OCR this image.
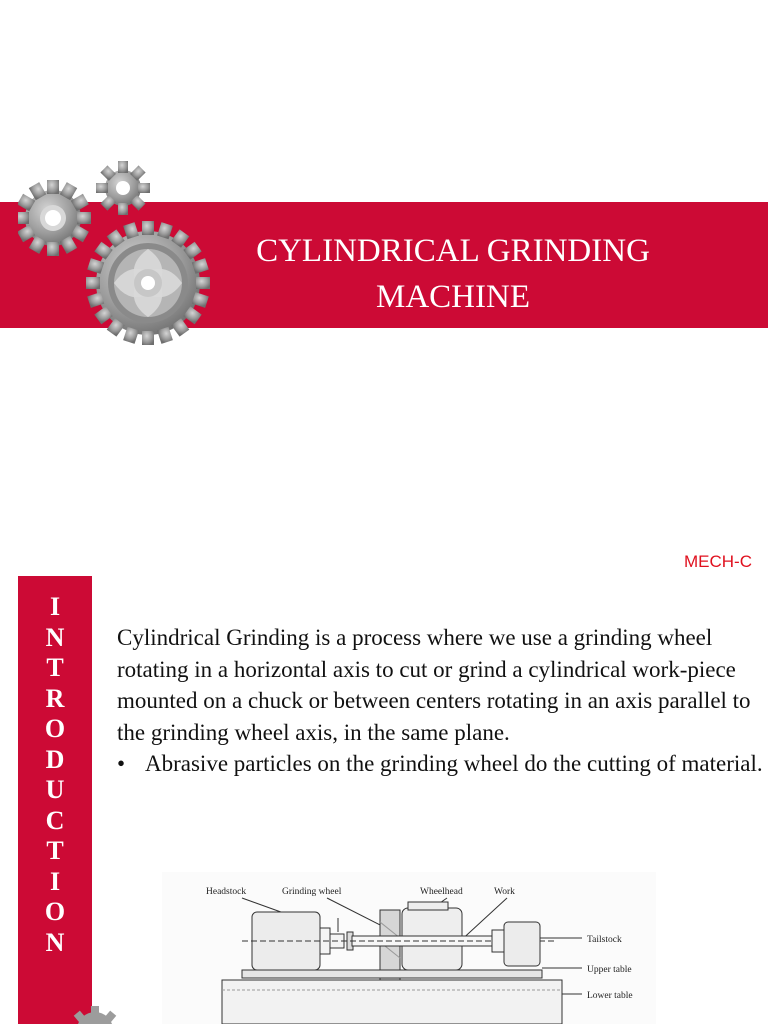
CYLINDRICAL GRINDING
MACHINE
MECH-C
I
N
T
R
O
D
U
C
T
I
O
N
Cylindrical Grinding is a process where we use a grinding wheel rotating in a horizontal axis to cut or grind a cylindrical work-piece mounted on a chuck or between centers rotating in an axis parallel to the grinding wheel axis, in the same plane.
• Abrasive particles on the grinding wheel do the cutting of material.
Headstock	Grinding wheel	Wheelhead	Work
Tailstock
Upper table
Lower table
